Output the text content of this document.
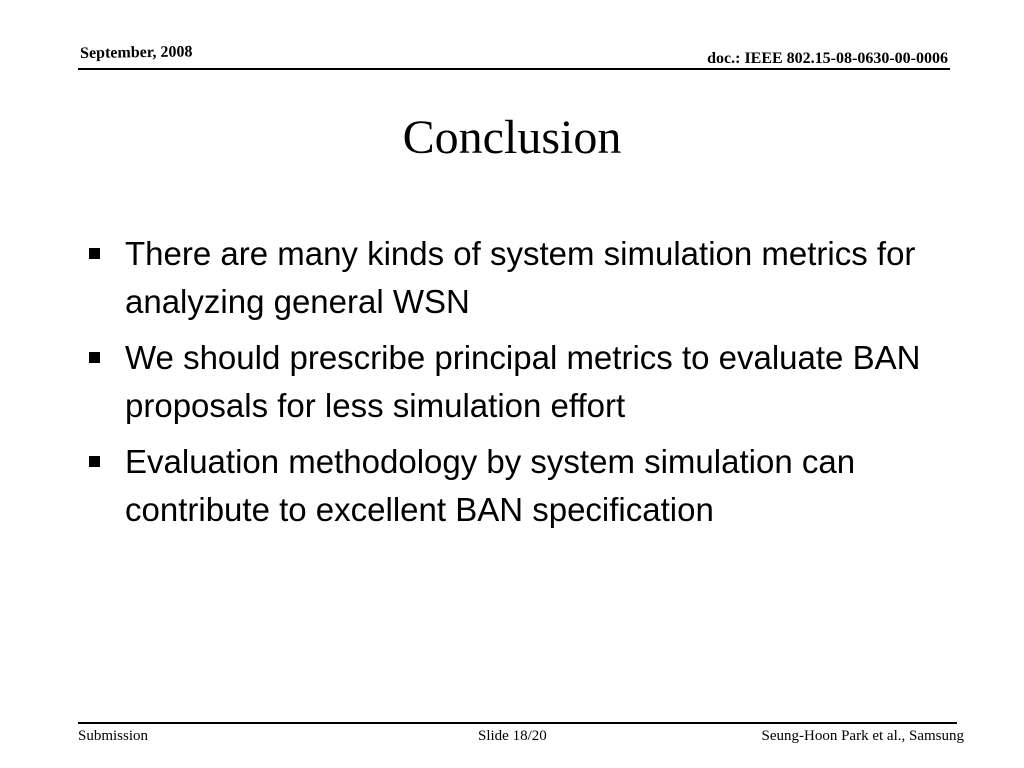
September, 2008	doc.: IEEE 802.15-08-0630-00-0006
Conclusion
There are many kinds of system simulation metrics for analyzing general WSN
We should prescribe principal metrics to evaluate BAN proposals for less simulation effort
Evaluation methodology by system simulation can contribute to excellent BAN specification
Submission	Slide 18/20	Seung-Hoon Park et al., Samsung
